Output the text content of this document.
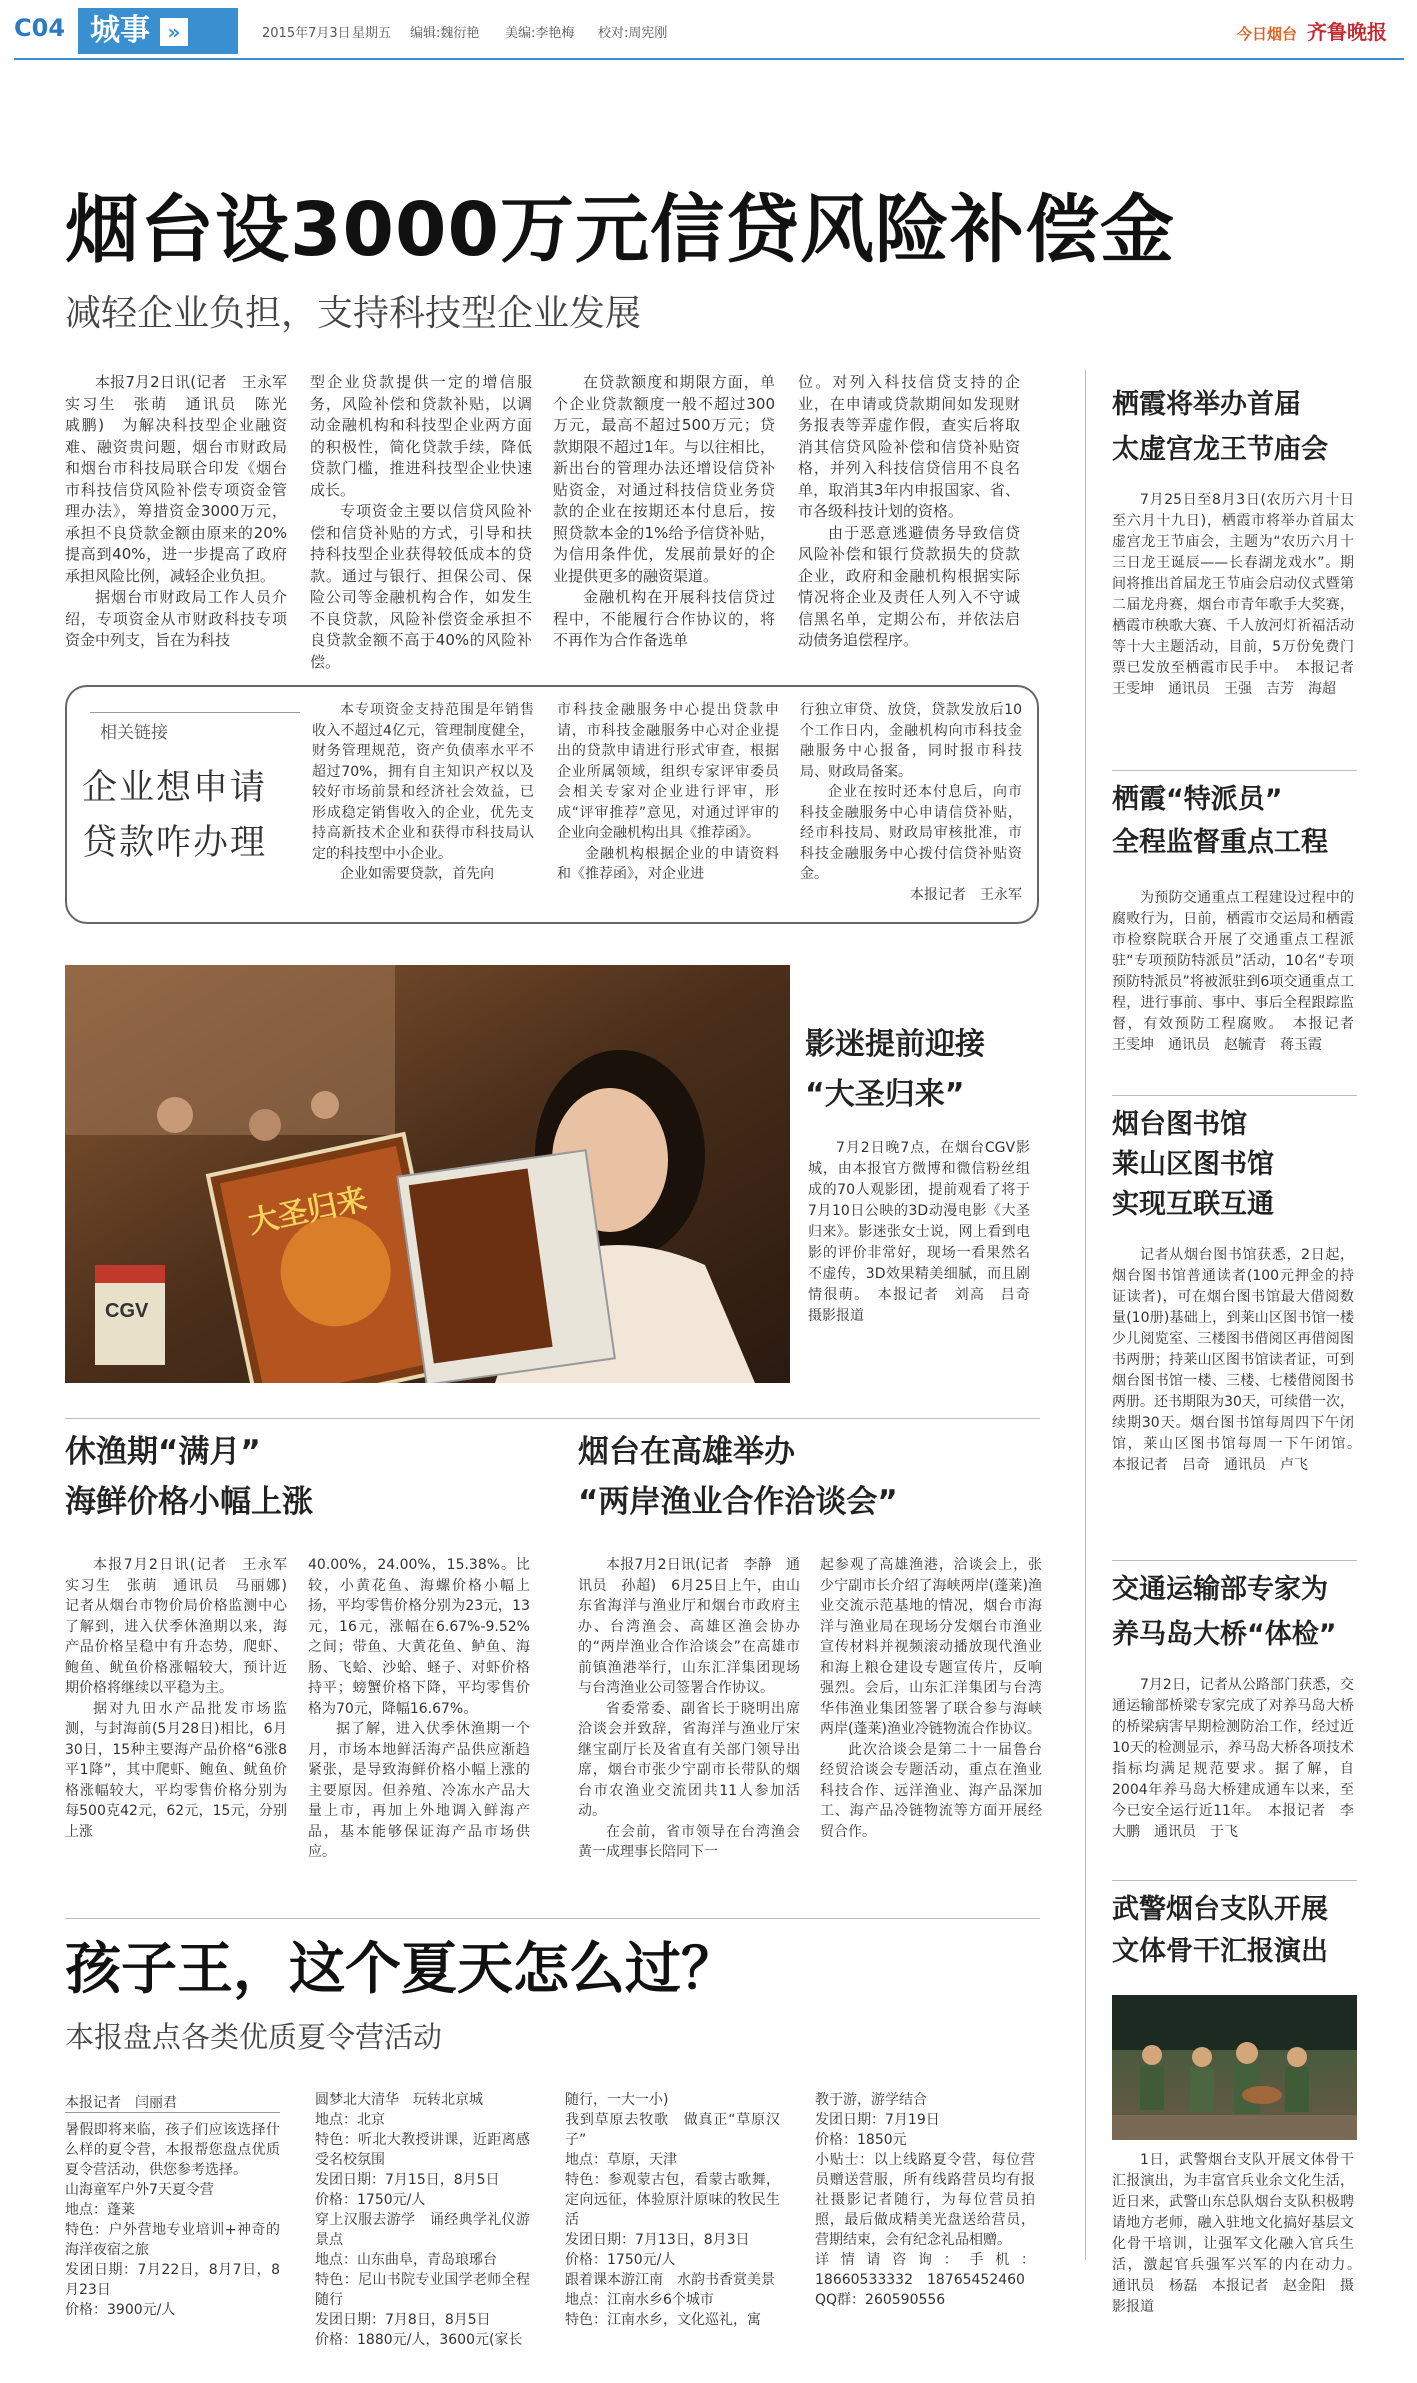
C04 城事 »	2015年7月3日 星期五 编辑:魏衍艳 美编:李艳梅 校对:周宪刚	今日烟台 齐鲁晚报
烟台设3000万元信贷风险补偿金
减轻企业负担，支持科技型企业发展

本报7月2日讯(记者　王永军　实习生　张萌　通讯员　陈光　戚鹏)　为解决科技型企业融资难、融资贵问题，烟台市财政局和烟台市科技局联合印发《烟台市科技信贷风险补偿专项资金管理办法》，筹措资金3000万元，承担不良贷款金额由原来的20%提高到40%，进一步提高了政府承担风险比例，减轻企业负担。

据烟台市财政局工作人员介绍，专项资金从市财政科技专项资金中列支，旨在为科技

型企业贷款提供一定的增信服务，风险补偿和贷款补贴，以调动金融机构和科技型企业两方面的积极性，简化贷款手续，降低贷款门槛，推进科技型企业快速成长。

专项资金主要以信贷风险补偿和信贷补贴的方式，引导和扶持科技型企业获得较低成本的贷款。通过与银行、担保公司、保险公司等金融机构合作，如发生不良贷款，风险补偿资金承担不良贷款金额不高于40%的风险补偿。

在贷款额度和期限方面，单个企业贷款额度一般不超过300万元，最高不超过500万元；贷款期限不超过1年。与以往相比，新出台的管理办法还增设信贷补贴资金，对通过科技信贷业务贷款的企业在按期还本付息后，按照贷款本金的1%给予信贷补贴，为信用条件优，发展前景好的企业提供更多的融资渠道。

金融机构在开展科技信贷过程中，不能履行合作协议的，将不再作为合作备选单

位。对列入科技信贷支持的企业，在申请或贷款期间如发现财务报表等弄虚作假，查实后将取消其信贷风险补偿和信贷补贴资格，并列入科技信贷信用不良名单，取消其3年内申报国家、省、市各级科技计划的资格。

由于恶意逃避债务导致信贷风险补偿和银行贷款损失的贷款企业，政府和金融机构根据实际情况将企业及责任人列入不守诚信黑名单，定期公布，并依法启动债务追偿程序。

相关链接
企业想申请
贷款咋办理

本专项资金支持范围是年销售收入不超过4亿元，管理制度健全，财务管理规范，资产负债率水平不超过70%，拥有自主知识产权以及较好市场前景和经济社会效益，已形成稳定销售收入的企业，优先支持高新技术企业和获得市科技局认定的科技型中小企业。

企业如需要贷款，首先向

市科技金融服务中心提出贷款申请，市科技金融服务中心对企业提出的贷款申请进行形式审查，根据企业所属领域，组织专家评审委员会相关专家对企业进行评审，形成“评审推荐”意见，对通过评审的企业向金融机构出具《推荐函》。

金融机构根据企业的申请资料和《推荐函》，对企业进

行独立审贷、放贷，贷款发放后10个工作日内，金融机构向市科技金融服务中心报备，同时报市科技局、财政局备案。

企业在按时还本付息后，向市科技金融服务中心申请信贷补贴，经市科技局、财政局审核批准，市科技金融服务中心拨付信贷补贴资金。

本报记者　王永军

栖霞将举办首届
太虚宫龙王节庙会

7月25日至8月3日(农历六月十日至六月十九日)，栖霞市将举办首届太虚宫龙王节庙会，主题为“农历六月十三日龙王诞辰——长春湖龙戏水”。期间将推出首届龙王节庙会启动仪式暨第二届龙舟赛，烟台市青年歌手大奖赛，栖霞市秧歌大赛、千人放河灯祈福活动等十大主题活动，目前，5万份免费门票已发放至栖霞市民手中。　本报记者　王雯坤　通讯员　王强　吉芳　海超

栖霞“特派员”
全程监督重点工程

为预防交通重点工程建设过程中的腐败行为，日前，栖霞市交运局和栖霞市检察院联合开展了交通重点工程派驻“专项预防特派员”活动，10名“专项预防特派员”将被派驻到6项交通重点工程，进行事前、事中、事后全程跟踪监督，有效预防工程腐败。　本报记者　王雯坤　通讯员　赵毓青　蒋玉霞

烟台图书馆
莱山区图书馆
实现互联互通

记者从烟台图书馆获悉，2日起，烟台图书馆普通读者(100元押金的持证读者)，可在烟台图书馆最大借阅数量(10册)基础上，到莱山区图书馆一楼少儿阅览室、三楼图书借阅区再借阅图书两册；持莱山区图书馆读者证，可到烟台图书馆一楼、三楼、七楼借阅图书两册。还书期限为30天，可续借一次，续期30天。烟台图书馆每周四下午闭馆，莱山区图书馆每周一下午闭馆。　本报记者　吕奇　通讯员　卢飞

交通运输部专家为
养马岛大桥“体检”

7月2日，记者从公路部门获悉，交通运输部桥梁专家完成了对养马岛大桥的桥梁病害早期检测防治工作，经过近10天的检测显示，养马岛大桥各项技术指标均满足规范要求。据了解，自2004年养马岛大桥建成通车以来，至今已安全运行近11年。　本报记者　李大鹏　通讯员　于飞

武警烟台支队开展
文体骨干汇报演出

1日，武警烟台支队开展文体骨干汇报演出，为丰富官兵业余文化生活，近日来，武警山东总队烟台支队积极聘请地方老师，融入驻地文化搞好基层文化骨干培训，让强军文化融入官兵生活，激起官兵强军兴军的内在动力。　通讯员　杨磊　本报记者　赵金阳　摄影报道

CGV
大圣归来
影迷提前迎接
“大圣归来”

7月2日晚7点，在烟台CGV影城，由本报官方微博和微信粉丝组成的70人观影团，提前观看了将于7月10日公映的3D动漫电影《大圣归来》。影迷张女士说，网上看到电影的评价非常好，现场一看果然名不虚传，3D效果精美细腻，而且剧情很萌。　本报记者　刘高　吕奇　摄影报道

休渔期“满月”
海鲜价格小幅上涨

本报7月2日讯(记者　王永军　实习生　张萌　通讯员　马丽娜)　记者从烟台市物价局价格监测中心了解到，进入伏季休渔期以来，海产品价格呈稳中有升态势，爬虾、鲍鱼、鱿鱼价格涨幅较大，预计近期价格将继续以平稳为主。

据对九田水产品批发市场监测，与封海前(5月28日)相比，6月30日，15种主要海产品价格“6涨8平1降”，其中爬虾、鲍鱼、鱿鱼价格涨幅较大，平均零售价格分别为每500克42元，62元，15元，分别上涨

40.00%，24.00%，15.38%。比较，小黄花鱼、海螺价格小幅上扬，平均零售价格分别为23元，13元，16元，涨幅在6.67%-9.52%之间；带鱼、大黄花鱼、鲈鱼、海肠、飞蛤、沙蛤、蛏子、对虾价格持平；螃蟹价格下降，平均零售价格为70元，降幅16.67%。

据了解，进入伏季休渔期一个月，市场本地鲜活海产品供应渐趋紧张，是导致海鲜价格小幅上涨的主要原因。但养殖、冷冻水产品大量上市，再加上外地调入鲜海产品，基本能够保证海产品市场供应。

烟台在高雄举办
“两岸渔业合作洽谈会”

本报7月2日讯(记者　李静　通讯员　孙超)　6月25日上午，由山东省海洋与渔业厅和烟台市政府主办、台湾渔会、高雄区渔会协办的“两岸渔业合作洽谈会”在高雄市前镇渔港举行，山东汇洋集团现场与台湾渔业公司签署合作协议。

省委常委、副省长于晓明出席洽谈会并致辞，省海洋与渔业厅宋继宝副厅长及省直有关部门领导出席，烟台市张少宁副市长带队的烟台市农渔业交流团共11人参加活动。

在会前，省市领导在台湾渔会黄一成理事长陪同下一

起参观了高雄渔港，洽谈会上，张少宁副市长介绍了海峡两岸(蓬莱)渔业交流示范基地的情况，烟台市海洋与渔业局在现场分发烟台市渔业宣传材料并视频滚动播放现代渔业和海上粮仓建设专题宣传片，反响强烈。会后，山东汇洋集团与台湾华伟渔业集团签署了联合参与海峡两岸(蓬莱)渔业冷链物流合作协议。

此次洽谈会是第二十一届鲁台经贸洽谈会专题活动，重点在渔业科技合作、远洋渔业、海产品深加工、海产品冷链物流等方面开展经贸合作。

孩子王，这个夏天怎么过？
本报盘点各类优质夏令营活动
本报记者　闫丽君

暑假即将来临，孩子们应该选择什么样的夏令营，本报帮您盘点优质夏令营活动，供您参考选择。
山海童军户外7天夏令营
地点：蓬莱
特色：户外营地专业培训+神奇的海洋夜宿之旅
发团日期：7月22日，8月7日，8月23日
价格：3900元/人

圆梦北大清华　玩转北京城
地点：北京
特色：听北大教授讲课，近距离感受名校氛围
发团日期：7月15日，8月5日
价格：1750元/人
穿上汉服去游学　诵经典学礼仪游景点
地点：山东曲阜，青岛琅琊台
特色：尼山书院专业国学老师全程随行
发团日期：7月8日，8月5日
价格：1880元/人，3600元(家长

随行，一大一小)
我到草原去牧歌　做真正“草原汉子”
地点：草原，天津
特色：参观蒙古包，看蒙古歌舞，定向远征，体验原汁原味的牧民生活
发团日期：7月13日，8月3日
价格：1750元/人
跟着课本游江南　水韵书香赏美景
地点：江南水乡6个城市
特色：江南水乡，文化巡礼，寓

教于游，游学结合
发团日期：7月19日
价格：1850元
小贴士：以上线路夏令营，每位营员赠送营服，所有线路营员均有报社摄影记者随行，为每位营员拍照，最后做成精美光盘送给营员，营期结束，会有纪念礼品相赠。
详情请咨询：手机：18660533332　18765452460
QQ群：260590556
